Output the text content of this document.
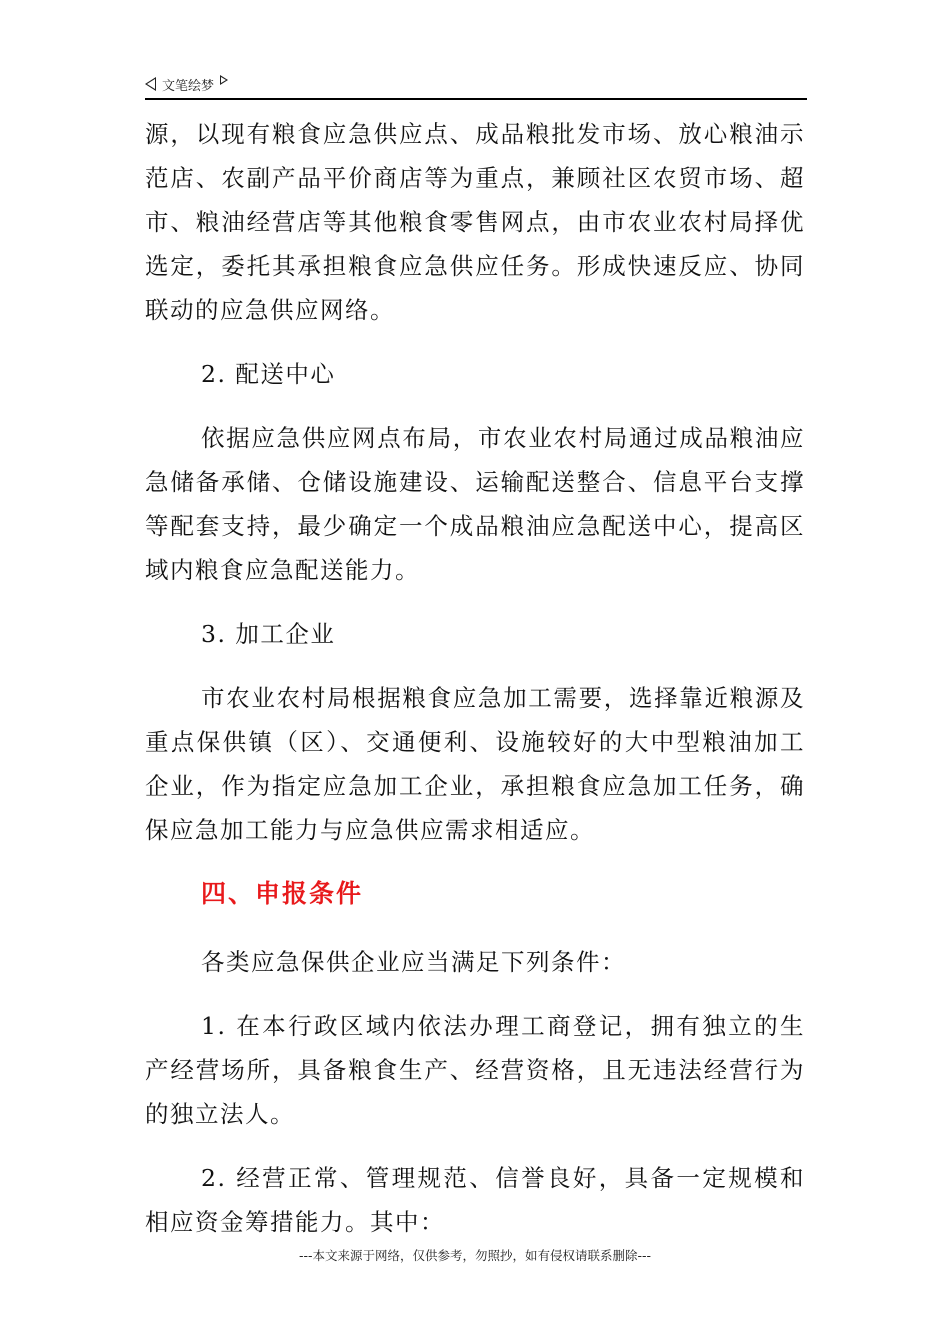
文笔绘梦

源，以现有粮食应急供应点、成品粮批发市场、放心粮油示范店、农副产品平价商店等为重点，兼顾社区农贸市场、超市、粮油经营店等其他粮食零售网点，由市农业农村局择优选定，委托其承担粮食应急供应任务。形成快速反应、协同联动的应急供应网络。

2. 配送中心

依据应急供应网点布局，市农业农村局通过成品粮油应急储备承储、仓储设施建设、运输配送整合、信息平台支撑等配套支持，最少确定一个成品粮油应急配送中心，提高区域内粮食应急配送能力。

3. 加工企业

市农业农村局根据粮食应急加工需要，选择靠近粮源及重点保供镇（区）、交通便利、设施较好的大中型粮油加工企业，作为指定应急加工企业，承担粮食应急加工任务，确保应急加工能力与应急供应需求相适应。

四、申报条件

各类应急保供企业应当满足下列条件：

1. 在本行政区域内依法办理工商登记，拥有独立的生产经营场所，具备粮食生产、经营资格，且无违法经营行为的独立法人。

2. 经营正常、管理规范、信誉良好，具备一定规模和相应资金筹措能力。其中：

---本文来源于网络，仅供参考，勿照抄，如有侵权请联系删除---
